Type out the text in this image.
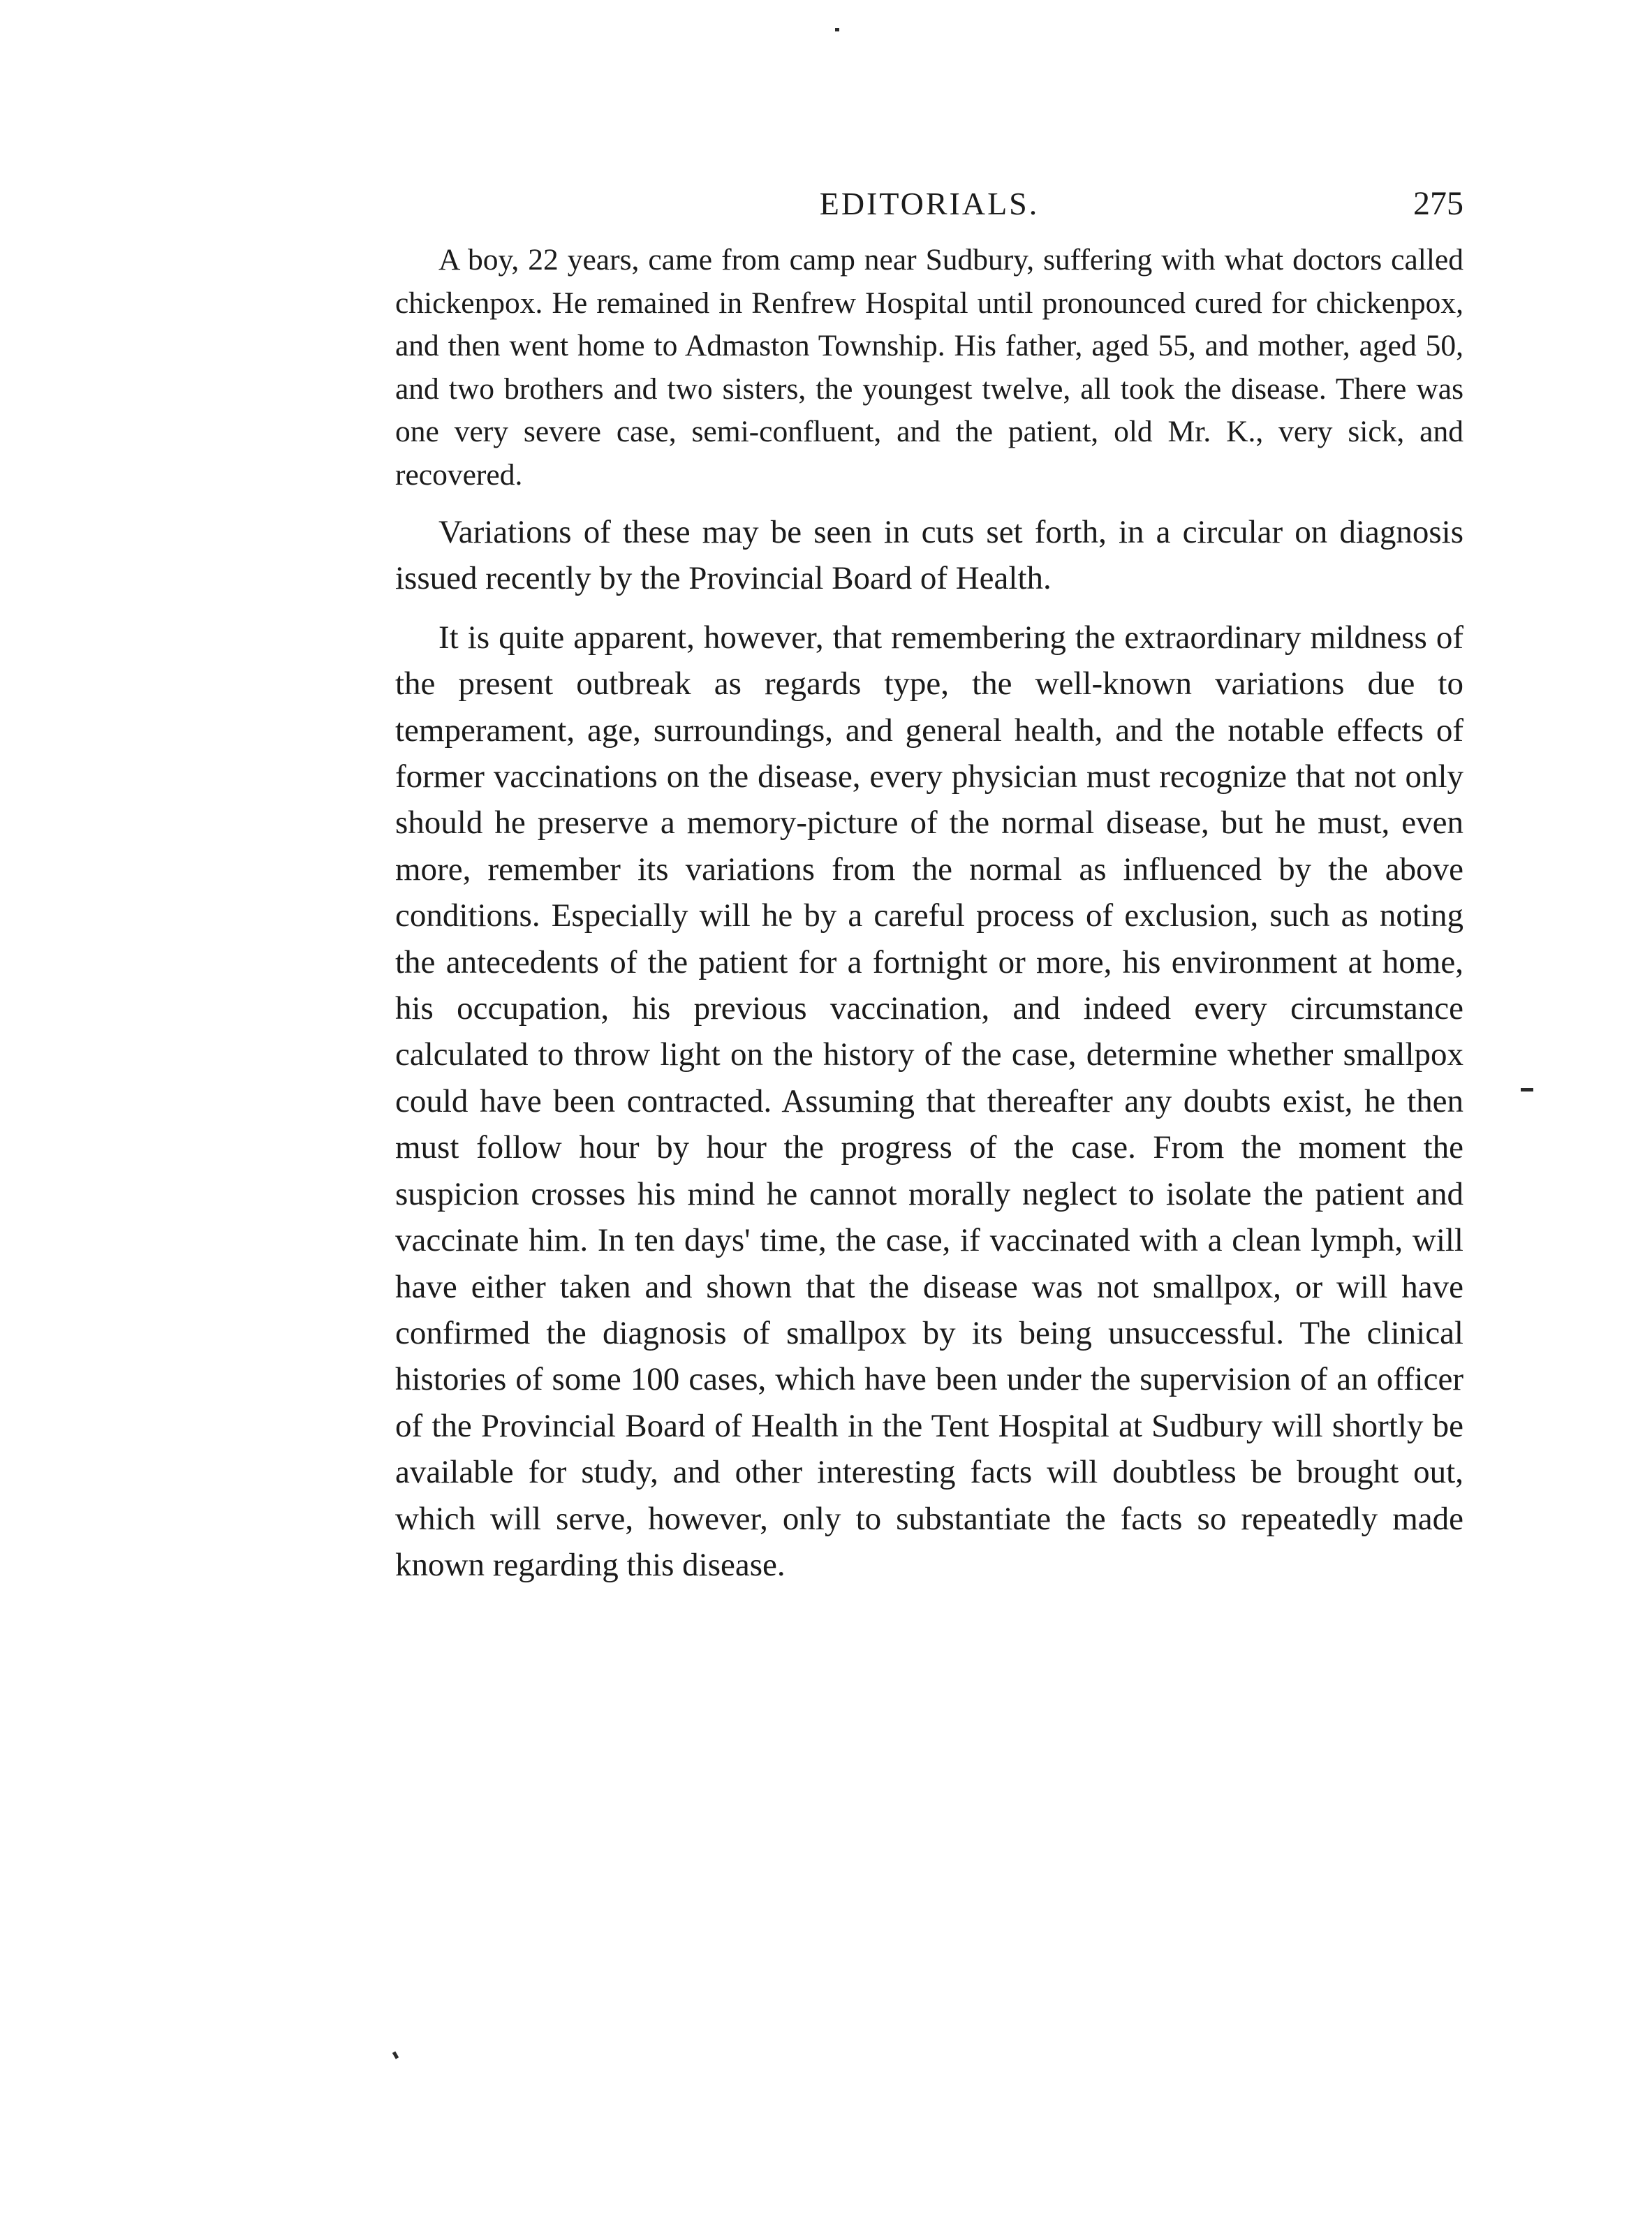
EDITORIALS.	275

A boy, 22 years, came from camp near Sudbury, suffering with what doctors called chickenpox. He remained in Renfrew Hospital until pronounced cured for chickenpox, and then went home to Admaston Township. His father, aged 55, and mother, aged 50, and two brothers and two sisters, the youngest twelve, all took the disease. There was one very severe case, semi-confluent, and the patient, old Mr. K., very sick, and recovered.

Variations of these may be seen in cuts set forth, in a circular on diagnosis issued recently by the Provincial Board of Health.

It is quite apparent, however, that remembering the extraordinary mildness of the present outbreak as regards type, the well-known variations due to temperament, age, surroundings, and general health, and the notable effects of former vaccinations on the disease, every physician must recognize that not only should he preserve a memory-picture of the normal disease, but he must, even more, remember its variations from the normal as influenced by the above conditions. Especially will he by a careful process of exclusion, such as noting the antecedents of the patient for a fortnight or more, his environment at home, his occupation, his previous vaccination, and indeed every circumstance calculated to throw light on the history of the case, determine whether smallpox could have been contracted. Assuming that thereafter any doubts exist, he then must follow hour by hour the progress of the case. From the moment the suspicion crosses his mind he cannot morally neglect to isolate the patient and vaccinate him. In ten days' time, the case, if vaccinated with a clean lymph, will have either taken and shown that the disease was not smallpox, or will have confirmed the diagnosis of smallpox by its being unsuccessful. The clinical histories of some 100 cases, which have been under the supervision of an officer of the Provincial Board of Health in the Tent Hospital at Sudbury will shortly be available for study, and other interesting facts will doubtless be brought out, which will serve, however, only to substantiate the facts so repeatedly made known regarding this disease.
